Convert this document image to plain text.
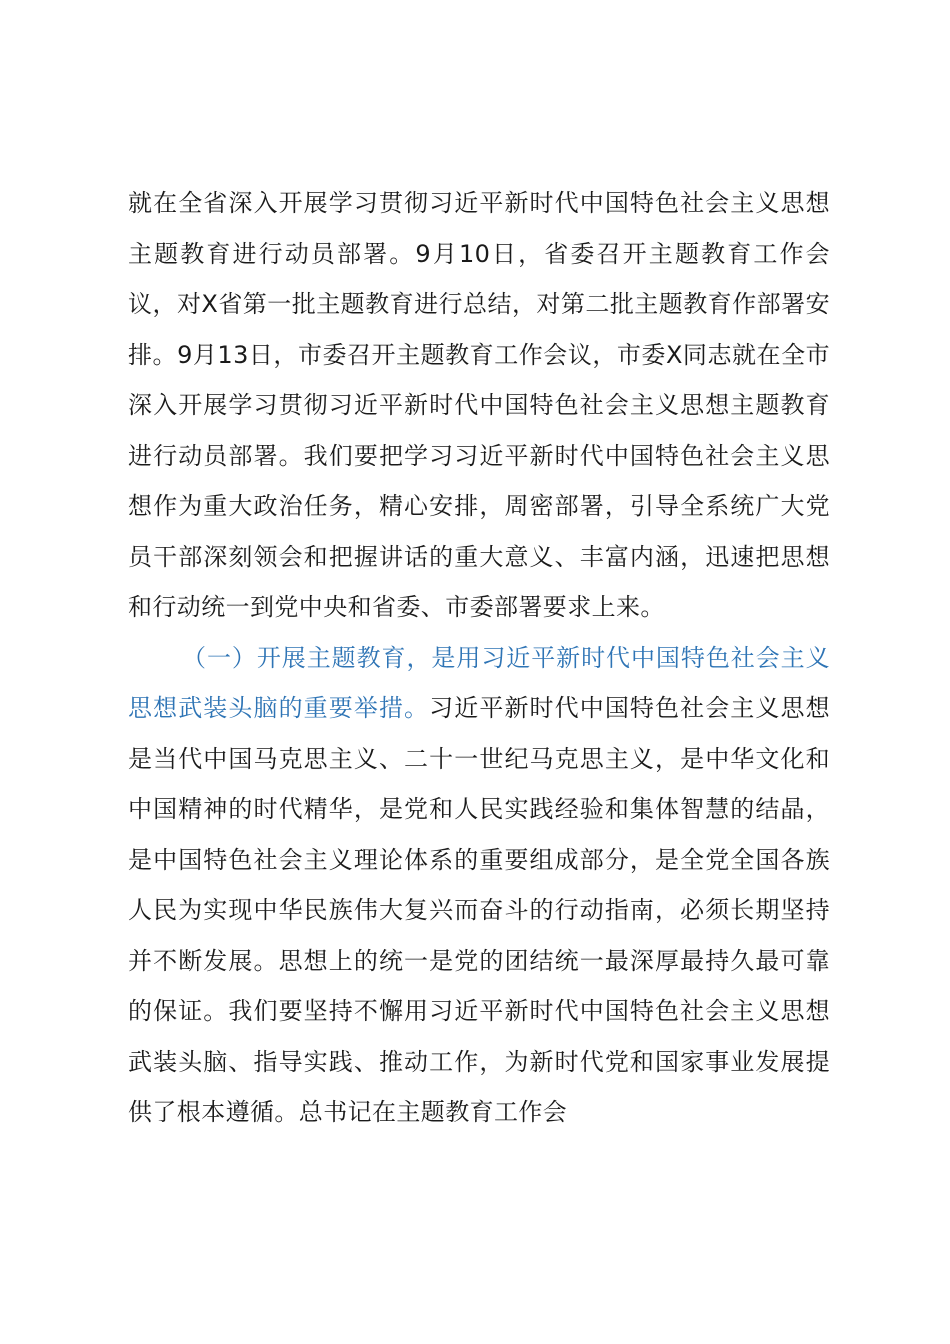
就在全省深入开展学习贯彻习近平新时代中国特色社会主义思想主题教育进行动员部署。9月10日，省委召开主题教育工作会议，对X省第一批主题教育进行总结，对第二批主题教育作部署安排。9月13日，市委召开主题教育工作会议，市委X同志就在全市深入开展学习贯彻习近平新时代中国特色社会主义思想主题教育进行动员部署。我们要把学习习近平新时代中国特色社会主义思想作为重大政治任务，精心安排，周密部署，引导全系统广大党员干部深刻领会和把握讲话的重大意义、丰富内涵，迅速把思想和行动统一到党中央和省委、市委部署要求上来。

（一）开展主题教育，是用习近平新时代中国特色社会主义思想武装头脑的重要举措。习近平新时代中国特色社会主义思想是当代中国马克思主义、二十一世纪马克思主义，是中华文化和中国精神的时代精华，是党和人民实践经验和集体智慧的结晶，是中国特色社会主义理论体系的重要组成部分，是全党全国各族人民为实现中华民族伟大复兴而奋斗的行动指南，必须长期坚持并不断发展。思想上的统一是党的团结统一最深厚最持久最可靠的保证。我们要坚持不懈用习近平新时代中国特色社会主义思想武装头脑、指导实践、推动工作，为新时代党和国家事业发展提供了根本遵循。总书记在主题教育工作会
